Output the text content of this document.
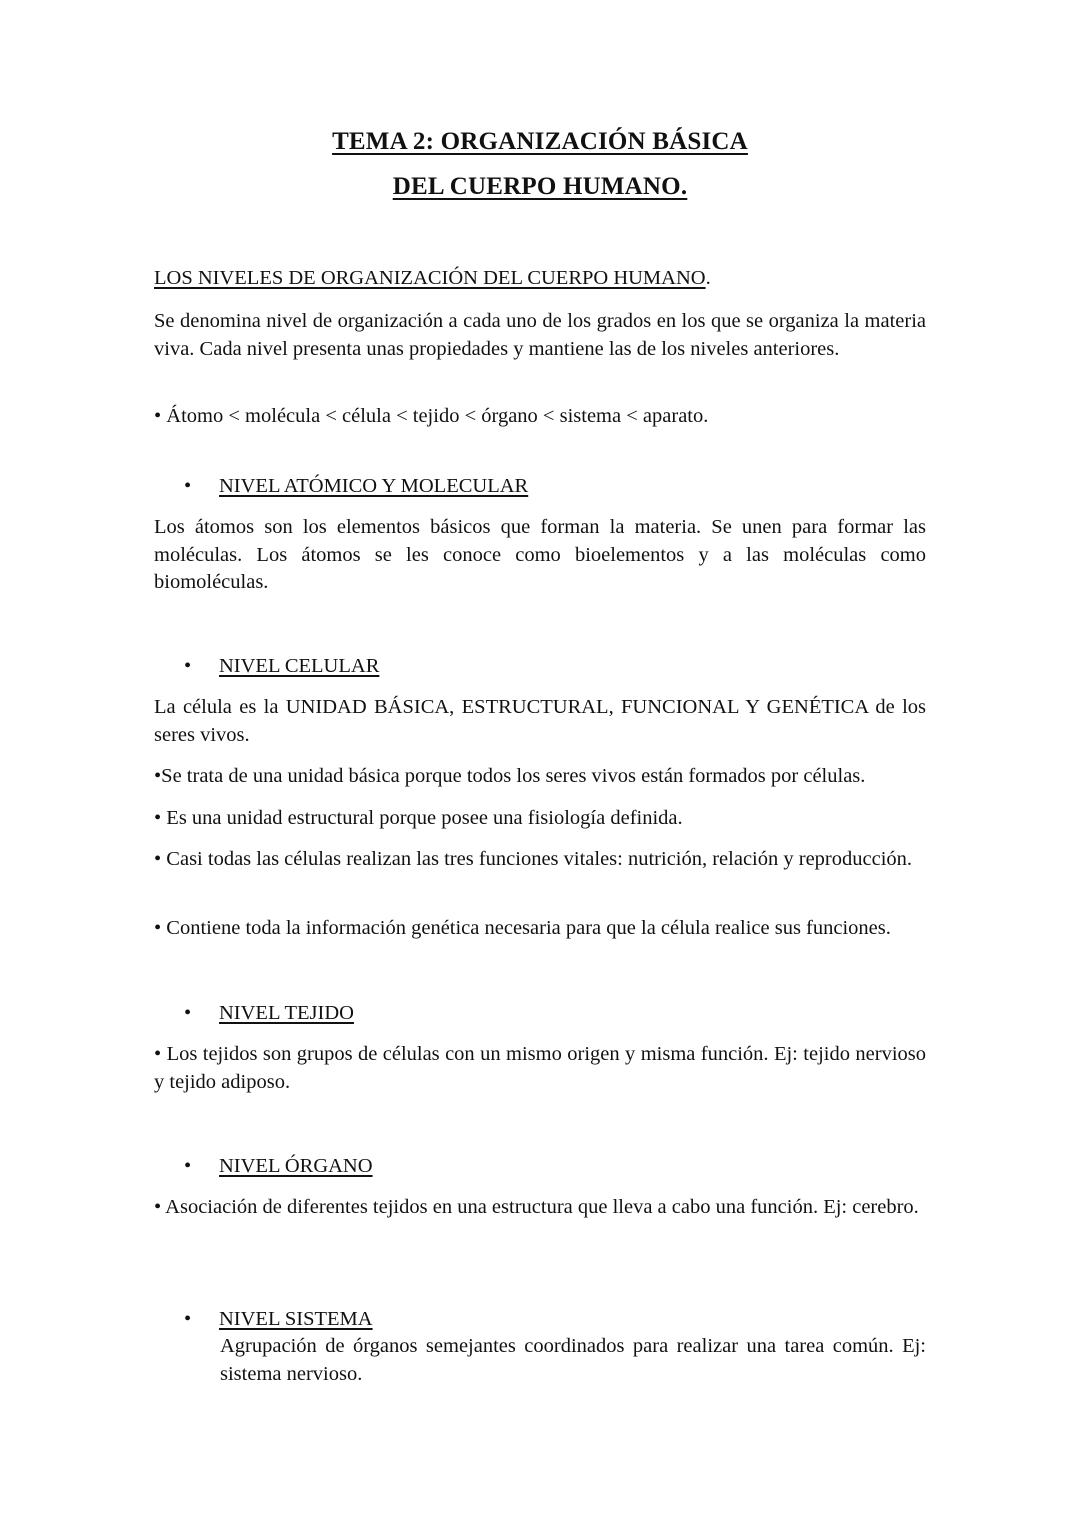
TEMA 2: ORGANIZACIÓN BÁSICA
DEL CUERPO HUMANO.
LOS NIVELES DE ORGANIZACIÓN DEL CUERPO HUMANO.
Se denomina nivel de organización a cada uno de los grados en los que se organiza la materia viva. Cada nivel presenta unas propiedades y mantiene las de los niveles anteriores.
• Átomo < molécula < célula < tejido < órgano < sistema < aparato.
• NIVEL ATÓMICO Y MOLECULAR
Los átomos son los elementos básicos que forman la materia. Se unen para formar las moléculas. Los átomos se les conoce como bioelementos y a las moléculas como biomoléculas.
• NIVEL CELULAR
La célula es la UNIDAD BÁSICA, ESTRUCTURAL, FUNCIONAL Y GENÉTICA de los seres vivos.
•Se trata de una unidad básica porque todos los seres vivos están formados por células.
• Es una unidad estructural porque posee una fisiología definida.
• Casi todas las células realizan las tres funciones vitales: nutrición, relación y reproducción.
• Contiene toda la información genética necesaria para que la célula realice sus funciones.
• NIVEL TEJIDO
• Los tejidos son grupos de células con un mismo origen y misma función. Ej: tejido nervioso y tejido adiposo.
• NIVEL ÓRGANO
• Asociación de diferentes tejidos en una estructura que lleva a cabo una función. Ej: cerebro.
• NIVEL SISTEMA
Agrupación de órganos semejantes coordinados para realizar una tarea común. Ej: sistema nervioso.
